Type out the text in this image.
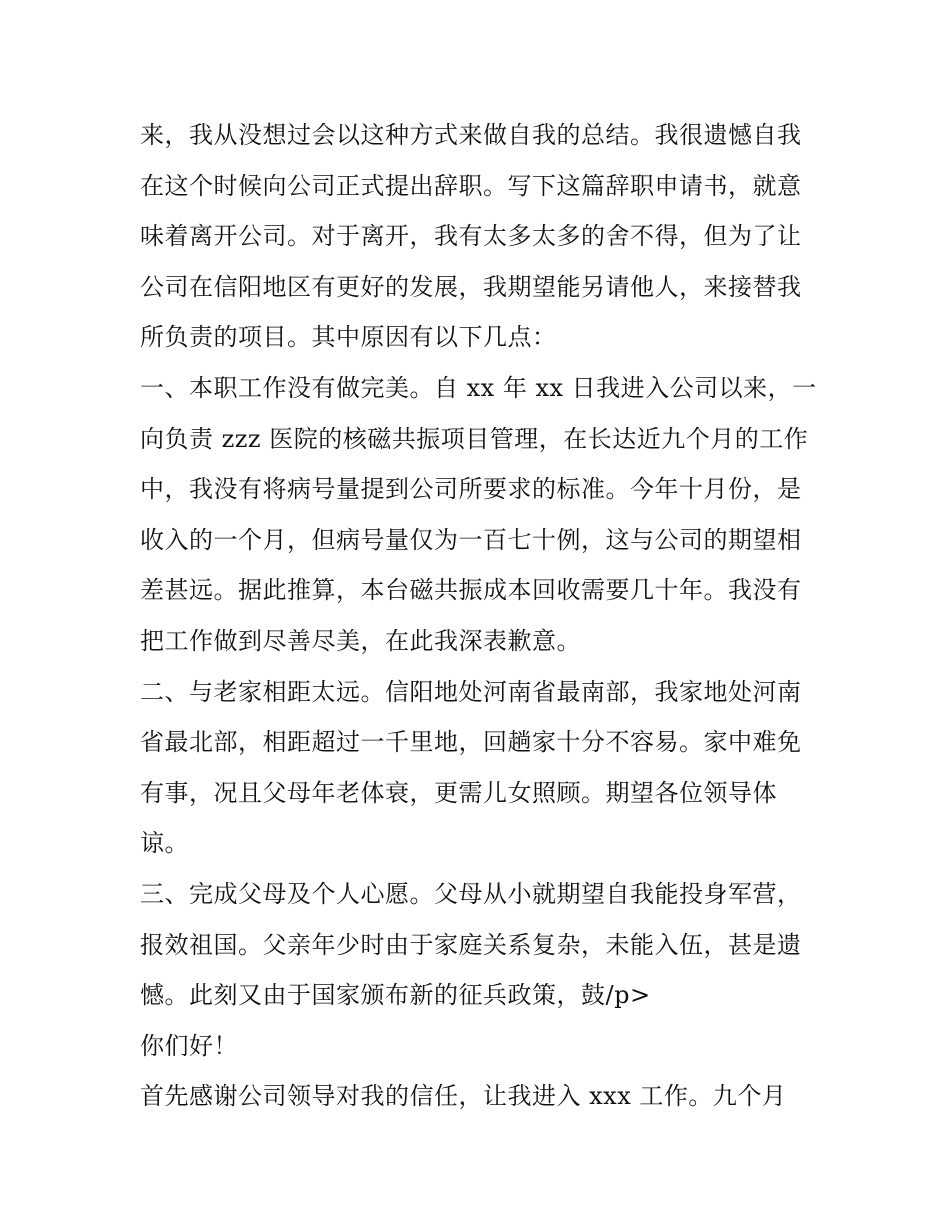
来，我从没想过会以这种方式来做自我的总结。我很遗憾自我
在这个时候向公司正式提出辞职。写下这篇辞职申请书，就意
味着离开公司。对于离开，我有太多太多的舍不得，但为了让
公司在信阳地区有更好的发展，我期望能另请他人，来接替我
所负责的项目。其中原因有以下几点：
一、本职工作没有做完美。自 xx 年 xx 日我进入公司以来，一
向负责 zzz 医院的核磁共振项目管理，在长达近九个月的工作
中，我没有将病号量提到公司所要求的标准。今年十月份，是
收入的一个月，但病号量仅为一百七十例，这与公司的期望相
差甚远。据此推算，本台磁共振成本回收需要几十年。我没有
把工作做到尽善尽美，在此我深表歉意。
二、与老家相距太远。信阳地处河南省最南部，我家地处河南
省最北部，相距超过一千里地，回趟家十分不容易。家中难免
有事，况且父母年老体衰，更需儿女照顾。期望各位领导体
谅。
三、完成父母及个人心愿。父母从小就期望自我能投身军营，
报效祖国。父亲年少时由于家庭关系复杂，未能入伍，甚是遗
憾。此刻又由于国家颁布新的征兵政策，鼓/p>
你们好！
首先感谢公司领导对我的信任，让我进入 xxx 工作。九个月
